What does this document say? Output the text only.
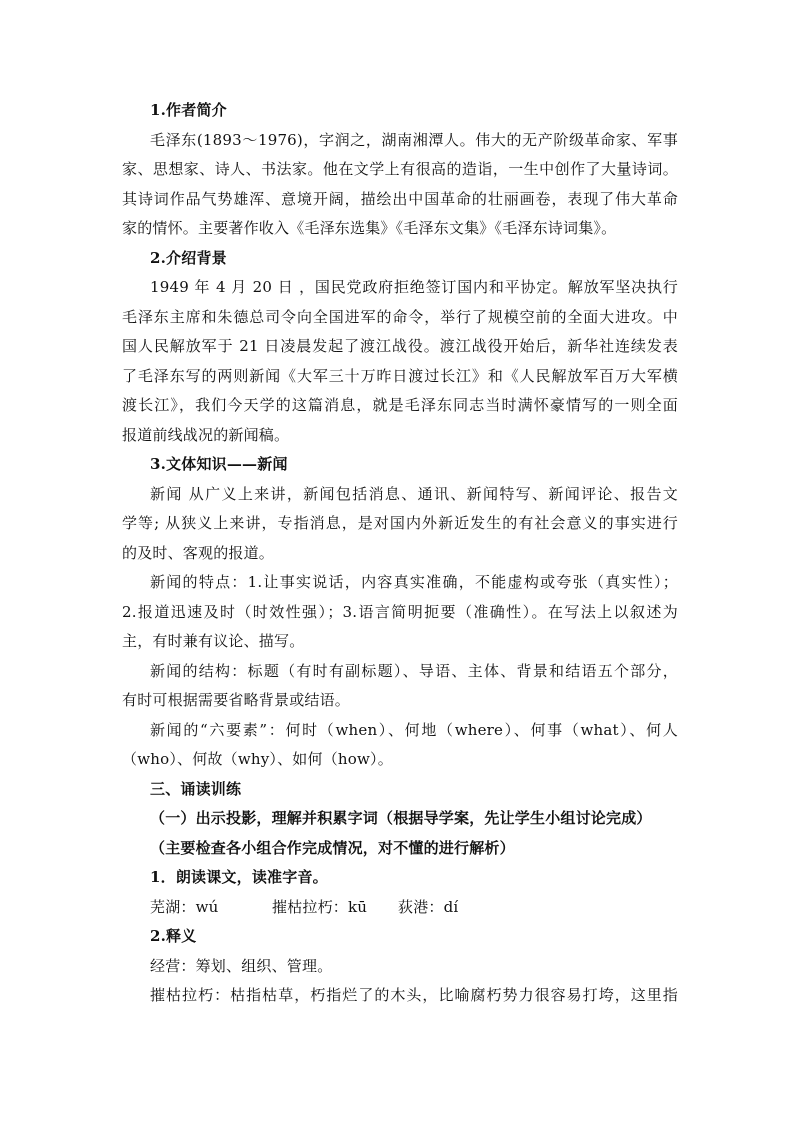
1.作者简介
毛泽东(1893～1976)，字润之，湖南湘潭人。伟大的无产阶级革命家、军事
家、思想家、诗人、书法家。他在文学上有很高的造诣，一生中创作了大量诗词。
其诗词作品气势雄浑、意境开阔，描绘出中国革命的壮丽画卷，表现了伟大革命
家的情怀。主要著作收入《毛泽东选集》《毛泽东文集》《毛泽东诗词集》。
2.介绍背景
1949 年 4 月 20 日 ，国民党政府拒绝签订国内和平协定。解放军坚决执行
毛泽东主席和朱德总司令向全国进军的命令，举行了规模空前的全面大进攻。中
国人民解放军于 21 日凌晨发起了渡江战役。渡江战役开始后，新华社连续发表
了毛泽东写的两则新闻《大军三十万昨日渡过长江》和《人民解放军百万大军横
渡长江》，我们今天学的这篇消息，就是毛泽东同志当时满怀豪情写的一则全面
报道前线战况的新闻稿。
3.文体知识——新闻
新闻 从广义上来讲，新闻包括消息、通讯、新闻特写、新闻评论、报告文
学等; 从狭义上来讲，专指消息，是对国内外新近发生的有社会意义的事实进行
的及时、客观的报道。
新闻的特点：1.让事实说话，内容真实准确，不能虚构或夸张（真实性）；
2.报道迅速及时（时效性强）；3.语言简明扼要（准确性）。在写法上以叙述为
主，有时兼有议论、描写。
新闻的结构：标题（有时有副标题）、导语、主体、背景和结语五个部分，
有时可根据需要省略背景或结语。
新闻的“六要素”：何时（when）、何地（where）、何事（what）、何人
（who）、何故（why）、如何（how）。
三、诵读训练
（一）出示投影，理解并积累字词（根据导学案，先让学生小组讨论完成）
（主要检查各小组合作完成情况，对不懂的进行解析）
1．朗读课文，读准字音。
芜湖：wú	摧枯拉朽：kū 荻港：dí
2.释义
经营：筹划、组织、管理。
摧枯拉朽：枯指枯草，朽指烂了的木头，比喻腐朽势力很容易打垮，这里指
